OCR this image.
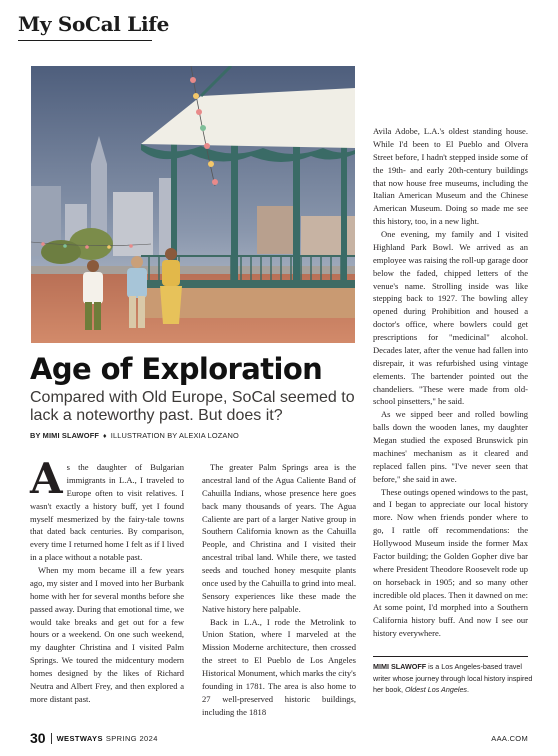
My SoCal Life
Age of Exploration
Compared with Old Europe, SoCal seemed to lack a noteworthy past. But does it?
BY MIMI SLAWOFF ♦ ILLUSTRATION BY ALEXIA LOZANO

As the daughter of Bulgarian immigrants in L.A., I traveled to Europe often to visit relatives. I wasn't exactly a history buff, yet I found myself mesmerized by the fairy-tale towns that dated back centuries. By comparison, every time I returned home I felt as if I lived in a place without a notable past.

When my mom became ill a few years ago, my sister and I moved into her Burbank home with her for several months before she passed away. During that emotional time, we would take breaks and get out for a few hours or a weekend. On one such weekend, my daughter Christina and I visited Palm Springs. We toured the midcentury modern homes designed by the likes of Richard Neutra and Albert Frey, and then explored a more distant past.

The greater Palm Springs area is the ancestral land of the Agua Caliente Band of Cahuilla Indians, whose presence here goes back many thousands of years. The Agua Caliente are part of a larger Native group in Southern California known as the Cahuilla People, and Christina and I visited their ancestral tribal land. While there, we tasted seeds and touched honey mesquite plants once used by the Cahuilla to grind into meal. Sensory experiences like these made the Native history here palpable.

Back in L.A., I rode the Metrolink to Union Station, where I marveled at the Mission Moderne architecture, then crossed the street to El Pueblo de Los Angeles Historical Monument, which marks the city's founding in 1781. The area is also home to 27 well-preserved historic buildings, including the 1818

Avila Adobe, L.A.'s oldest standing house. While I'd been to El Pueblo and Olvera Street before, I hadn't stepped inside some of the 19th- and early 20th-century buildings that now house free museums, including the Italian American Museum and the Chinese American Museum. Doing so made me see this history, too, in a new light.

One evening, my family and I visited Highland Park Bowl. We arrived as an employee was raising the roll-up garage door below the faded, chipped letters of the venue's name. Strolling inside was like stepping back to 1927. The bowling alley opened during Prohibition and housed a doctor's office, where bowlers could get prescriptions for "medicinal" alcohol. Decades later, after the venue had fallen into disrepair, it was refurbished using vintage elements. The bartender pointed out the chandeliers. "These were made from old-school pinsetters," he said.

As we sipped beer and rolled bowling balls down the wooden lanes, my daughter Megan studied the exposed Brunswick pin machines' mechanism as it cleared and replaced fallen pins. "I've never seen that before," she said in awe.

These outings opened windows to the past, and I began to appreciate our local history more. Now when friends ponder where to go, I rattle off recommendations: the Hollywood Museum inside the former Max Factor building; the Golden Gopher dive bar where President Theodore Roosevelt rode up on horseback in 1905; and so many other incredible old places. Then it dawned on me: At some point, I'd morphed into a Southern California history buff. And now I see our history everywhere.

MIMI SLAWOFF is a Los Angeles-based travel writer whose journey through local history inspired her book, Oldest Los Angeles.
30 WESTWAYS SPRING 2024	AAA.COM
